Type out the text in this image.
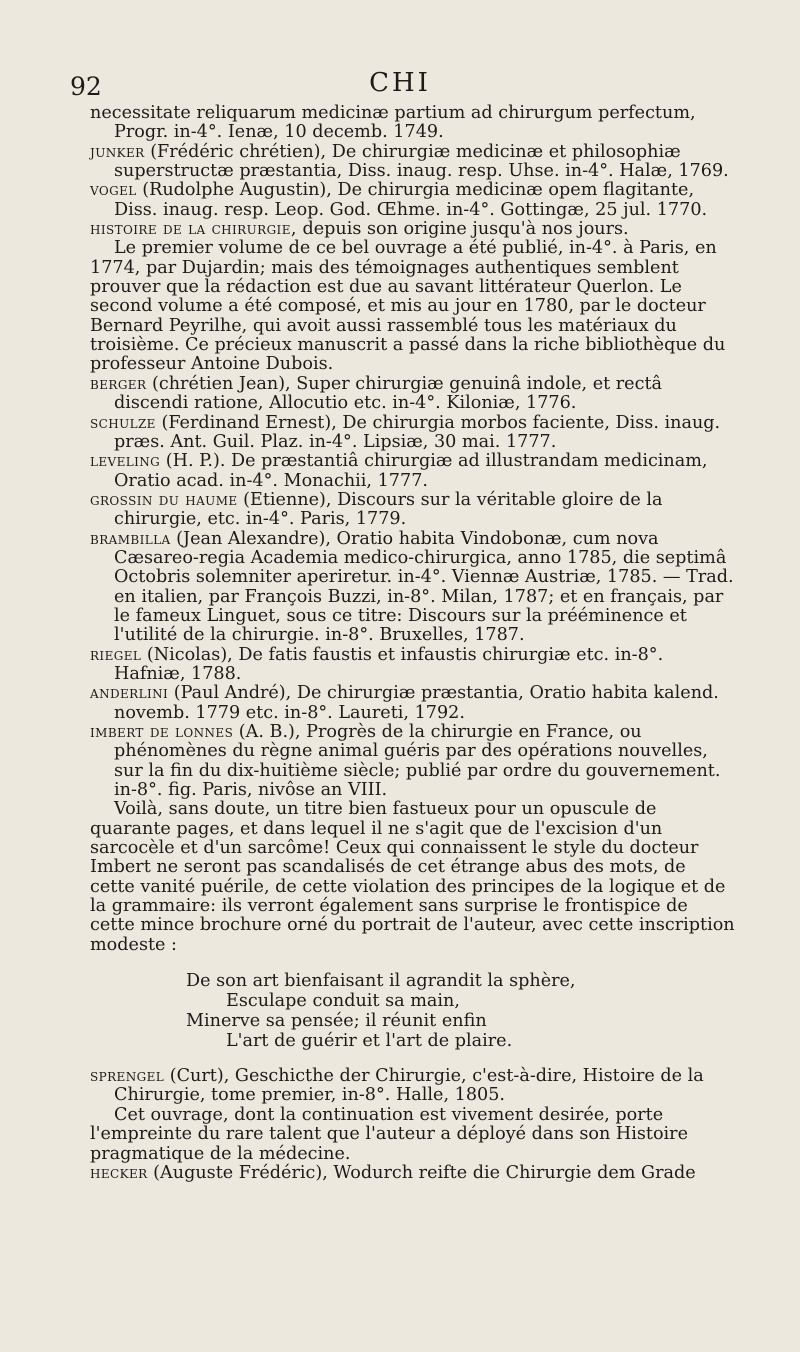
92	CHI

necessitate reliquarum medicinæ partium ad chirurgum perfectum, Progr. in-4°. Ienæ, 10 decemb. 1749.

junker (Frédéric chrétien), De chirurgiæ medicinæ et philosophiæ superstructæ præstantia, Diss. inaug. resp. Uhse. in-4°. Halæ, 1769.

vogel (Rudolphe Augustin), De chirurgia medicinæ opem flagitante, Diss. inaug. resp. Leop. God. Œhme. in-4°. Gottingæ, 25 jul. 1770.

histoire de la chirurgie, depuis son origine jusqu'à nos jours.

Le premier volume de ce bel ouvrage a été publié, in-4°. à Paris, en 1774, par Dujardin; mais des témoignages authentiques semblent prouver que la rédaction est due au savant littérateur Querlon. Le second volume a été composé, et mis au jour en 1780, par le docteur Bernard Peyrilhe, qui avoit aussi rassemblé tous les matériaux du troisième. Ce précieux manuscrit a passé dans la riche bibliothèque du professeur Antoine Dubois.

berger (chrétien Jean), Super chirurgiæ genuinâ indole, et rectâ discendi ratione, Allocutio etc. in-4°. Kiloniæ, 1776.

schulze (Ferdinand Ernest), De chirurgia morbos faciente, Diss. inaug. præs. Ant. Guil. Plaz. in-4°. Lipsiæ, 30 mai. 1777.

leveling (H. P.). De præstantiâ chirurgiæ ad illustrandam medicinam, Oratio acad. in-4°. Monachii, 1777.

grossin du haume (Etienne), Discours sur la véritable gloire de la chirurgie, etc. in-4°. Paris, 1779.

brambilla (Jean Alexandre), Oratio habita Vindobonæ, cum nova Cæsareo-regia Academia medico-chirurgica, anno 1785, die septimâ Octobris solemniter aperiretur. in-4°. Viennæ Austriæ, 1785. — Trad. en italien, par François Buzzi, in-8°. Milan, 1787; et en français, par le fameux Linguet, sous ce titre: Discours sur la prééminence et l'utilité de la chirurgie. in-8°. Bruxelles, 1787.

riegel (Nicolas), De fatis faustis et infaustis chirurgiæ etc. in-8°. Hafniæ, 1788.

anderlini (Paul André), De chirurgiæ præstantia, Oratio habita kalend. novemb. 1779 etc. in-8°. Laureti, 1792.

imbert de lonnes (A. B.), Progrès de la chirurgie en France, ou phénomènes du règne animal guéris par des opérations nouvelles, sur la fin du dix-huitième siècle; publié par ordre du gouvernement. in-8°. fig. Paris, nivôse an VIII.

Voilà, sans doute, un titre bien fastueux pour un opuscule de quarante pages, et dans lequel il ne s'agit que de l'excision d'un sarcocèle et d'un sarcôme! Ceux qui connaissent le style du docteur Imbert ne seront pas scandalisés de cet étrange abus des mots, de cette vanité puérile, de cette violation des principes de la logique et de la grammaire: ils verront également sans surprise le frontispice de cette mince brochure orné du portrait de l'auteur, avec cette inscription modeste :

De son art bienfaisant il agrandit la sphère,
Esculape conduit sa main,
Minerve sa pensée; il réunit enfin
L'art de guérir et l'art de plaire.

sprengel (Curt), Geschicthe der Chirurgie, c'est-à-dire, Histoire de la Chirurgie, tome premier, in-8°. Halle, 1805.

Cet ouvrage, dont la continuation est vivement desirée, porte l'empreinte du rare talent que l'auteur a déployé dans son Histoire pragmatique de la médecine.

hecker (Auguste Frédéric), Wodurch reifte die Chirurgie dem Grade
